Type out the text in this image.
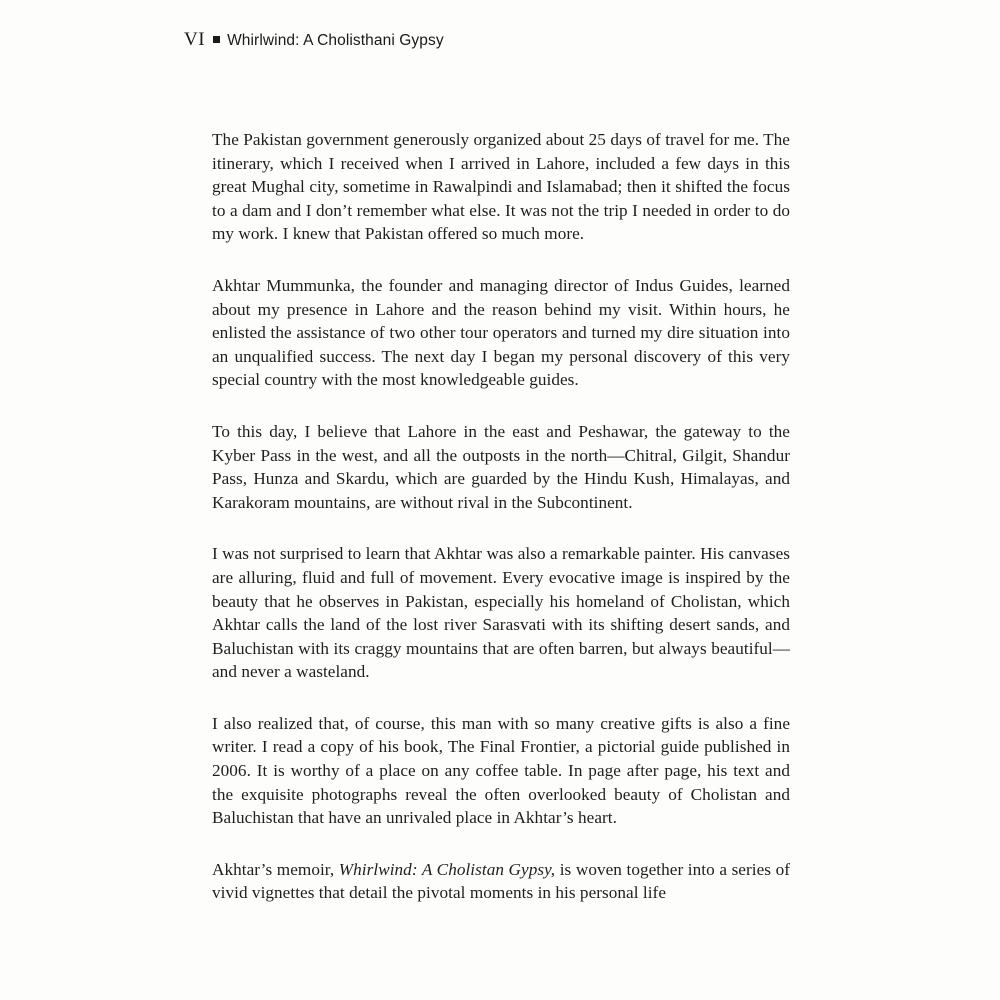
VI Whirlwind: A Cholisthani Gypsy

The Pakistan government generously organized about 25 days of travel for me. The itinerary, which I received when I arrived in Lahore, included a few days in this great Mughal city, sometime in Rawalpindi and Islamabad; then it shifted the focus to a dam and I don’t remember what else. It was not the trip I needed in order to do my work. I knew that Pakistan offered so much more.

Akhtar Mummunka, the founder and managing director of Indus Guides, learned about my presence in Lahore and the reason behind my visit. Within hours, he enlisted the assistance of two other tour operators and turned my dire situation into an unqualified success. The next day I began my personal discovery of this very special country with the most knowledgeable guides.

To this day, I believe that Lahore in the east and Peshawar, the gateway to the Kyber Pass in the west, and all the outposts in the north—Chitral, Gilgit, Shandur Pass, Hunza and Skardu, which are guarded by the Hindu Kush, Himalayas, and Karakoram mountains, are without rival in the Subcontinent.

I was not surprised to learn that Akhtar was also a remarkable painter. His canvases are alluring, fluid and full of movement. Every evocative image is inspired by the beauty that he observes in Pakistan, especially his homeland of Cholistan, which Akhtar calls the land of the lost river Sarasvati with its shifting desert sands, and Baluchistan with its craggy mountains that are often barren, but always beautiful—and never a wasteland.

I also realized that, of course, this man with so many creative gifts is also a fine writer. I read a copy of his book, The Final Frontier, a pictorial guide published in 2006. It is worthy of a place on any coffee table. In page after page, his text and the exquisite photographs reveal the often overlooked beauty of Cholistan and Baluchistan that have an unrivaled place in Akhtar’s heart.

Akhtar’s memoir, Whirlwind: A Cholistan Gypsy, is woven together into a series of vivid vignettes that detail the pivotal moments in his personal life
